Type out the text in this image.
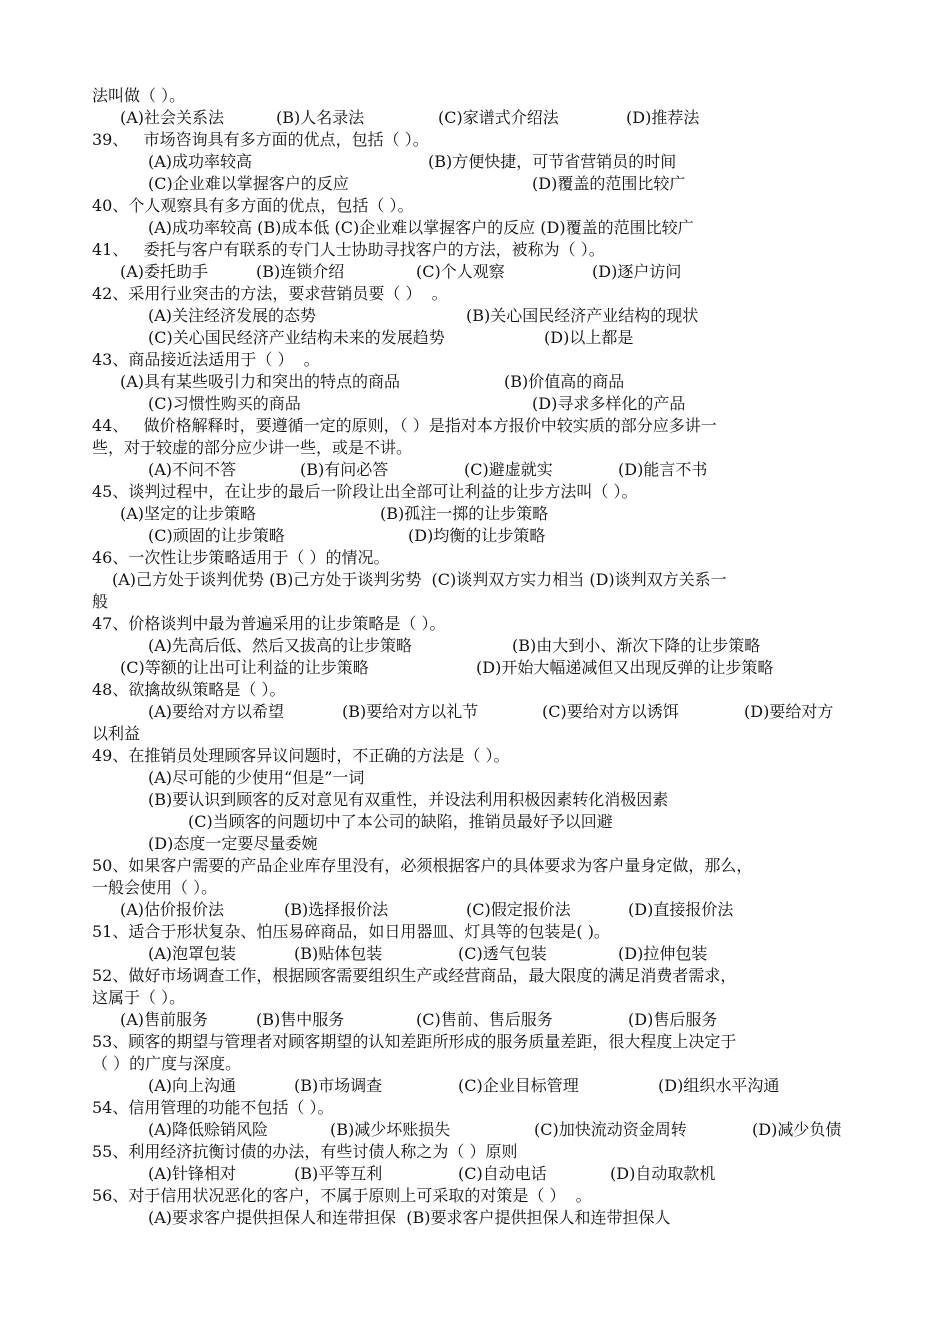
法叫做（ ）。
(A)社会关系法	(B)人名录法	(C)家谱式介绍法	(D)推荐法
39、   市场咨询具有多方面的优点，包括（ ）。
(A)成功率较高	(B)方便快捷，可节省营销员的时间
(C)企业难以掌握客户的反应	(D)覆盖的范围比较广
40、个人观察具有多方面的优点，包括（ ）。
(A)成功率较高 (B)成本低 (C)企业难以掌握客户的反应 (D)覆盖的范围比较广
41、   委托与客户有联系的专门人士协助寻找客户的方法，被称为（ ）。
(A)委托助手	(B)连锁介绍	(C)个人观察	(D)逐户访问
42、采用行业突击的方法，要求营销员要（ ）  。
(A)关注经济发展的态势	(B)关心国民经济产业结构的现状
(C)关心国民经济产业结构未来的发展趋势	(D)以上都是
43、商品接近法适用于（ ）  。
(A)具有某些吸引力和突出的特点的商品	(B)价值高的商品
(C)习惯性购买的商品	(D)寻求多样化的产品
44、   做价格解释时，要遵循一定的原则，（ ）是指对本方报价中较实质的部分应多讲一
些，对于较虚的部分应少讲一些，或是不讲。
(A)不问不答	(B)有问必答	(C)避虚就实	(D)能言不书
45、谈判过程中，在让步的最后一阶段让出全部可让利益的让步方法叫（ ）。
(A)坚定的让步策略	(B)孤注一掷的让步策略
(C)顽固的让步策略	(D)均衡的让步策略
46、一次性让步策略适用于（ ）的情况。
(A)己方处于谈判优势 (B)己方处于谈判劣势  (C)谈判双方实力相当 (D)谈判双方关系一
般
47、价格谈判中最为普遍采用的让步策略是（ ）。
(A)先高后低、然后又拔高的让步策略	(B)由大到小、渐次下降的让步策略
(C)等额的让出可让利益的让步策略	(D)开始大幅递减但又出现反弹的让步策略
48、欲擒故纵策略是（ ）。
(A)要给对方以希望	(B)要给对方以礼节	(C)要给对方以诱饵	(D)要给对方
以利益
49、在推销员处理顾客异议问题时，不正确的方法是（ ）。
(A)尽可能的少使用“但是”一词
(B)要认识到顾客的反对意见有双重性，并设法利用积极因素转化消极因素
(C)当顾客的问题切中了本公司的缺陷，推销员最好予以回避
(D)态度一定要尽量委婉
50、如果客户需要的产品企业库存里没有，必须根据客户的具体要求为客户量身定做，那么，
一般会使用（ ）。
(A)估价报价法	(B)选择报价法	(C)假定报价法	(D)直接报价法
51、适合于形状复杂、怕压易碎商品，如日用器皿、灯具等的包装是( )。
(A)泡罩包装	(B)贴体包装	(C)透气包装	(D)拉伸包装
52、做好市场调查工作，根据顾客需要组织生产或经营商品，最大限度的满足消费者需求，
这属于（ ）。
(A)售前服务	(B)售中服务	(C)售前、售后服务	(D)售后服务
53、顾客的期望与管理者对顾客期望的认知差距所形成的服务质量差距，很大程度上决定于
（ ）的广度与深度。
(A)向上沟通	(B)市场调查	(C)企业目标管理	(D)组织水平沟通
54、信用管理的功能不包括（ ）。
(A)降低赊销风险	(B)减少坏账损失	(C)加快流动资金周转	(D)减少负债
55、利用经济抗衡讨债的办法，有些讨债人称之为（ ）原则
(A)针锋相对	(B)平等互利	(C)自动电话	(D)自动取款机
56、对于信用状况恶化的客户，不属于原则上可采取的对策是（ ）  。
(A)要求客户提供担保人和连带担保  (B)要求客户提供担保人和连带担保人
